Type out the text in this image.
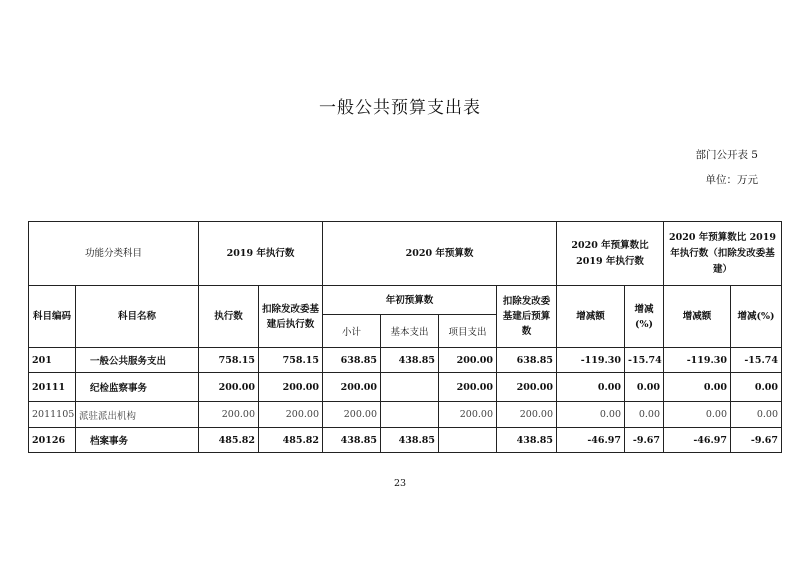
一般公共预算支出表
部门公开表 5
单位：万元
功能分类科目		2019 年执行数		2020 年预算数				2020 年预算数比 2019 年执行数		2020 年预算数比 2019 年执行数（扣除发改委基建）	
科目编码	科目名称	执行数	扣除发改委基建后执行数	年初预算数			扣除发改委基建后预算数	增减额	增减(%)	增减额	增减(%)
				小计	基本支出	项目支出					
201	一般公共服务支出	758.15	758.15	638.85	438.85	200.00	638.85	-119.30	-15.74	-119.30	-15.74
20111	纪检监察事务	200.00	200.00	200.00		200.00	200.00	0.00	0.00	0.00	0.00
2011105	派驻派出机构	200.00	200.00	200.00		200.00	200.00	0.00	0.00	0.00	0.00
20126	档案事务	485.82	485.82	438.85	438.85		438.85	-46.97	-9.67	-46.97	-9.67
23
